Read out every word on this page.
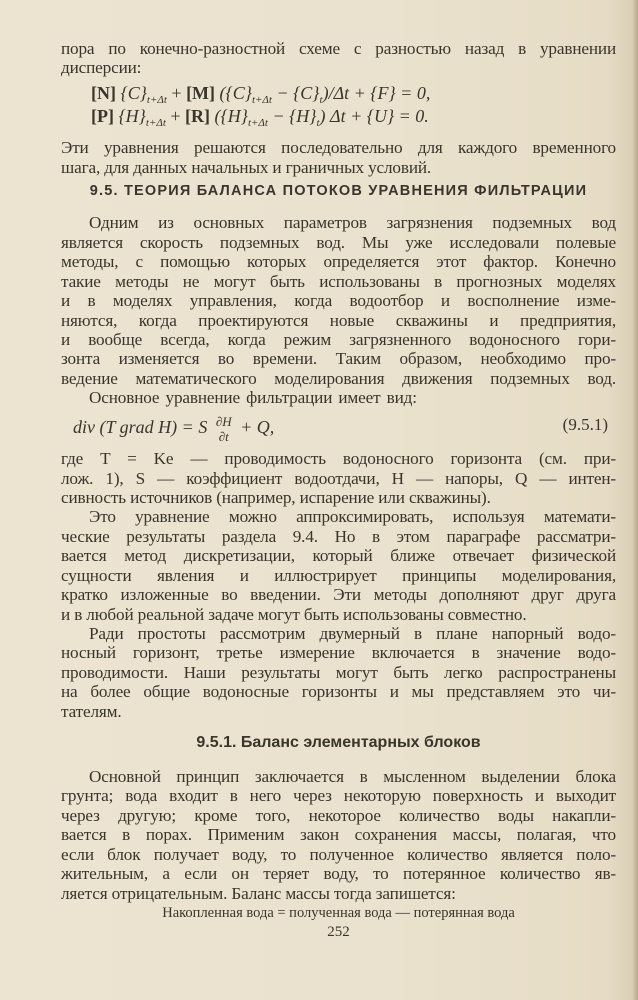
пора по конечно-разностной схеме с разностью назад в уравнении
дисперсии:
[N] $\{C\}_{t+\Delta t} + [M] (\{C\}_{t+\Delta t} - \{C\}_t)/\Delta t + \{F\} = 0$,
[P] $\{H\}_{t+\Delta t} + [R] (\{H\}_{t+\Delta t} - \{H\}_t) \Delta t + \{U\} = 0$.
Эти уравнения решаются последовательно для каждого временного
шага, для данных начальных и граничных условий.
9.5. ТЕОРИЯ БАЛАНСА ПОТОКОВ УРАВНЕНИЯ ФИЛЬТРАЦИИ
Одним из основных параметров загрязнения подземных вод
является скорость подземных вод. Мы уже исследовали полевые
методы, с помощью которых определяется этот фактор. Конечно
такие методы не могут быть использованы в прогнозных моделях
и в моделях управления, когда водоотбор и восполнение изме-
няются, когда проектируются новые скважины и предприятия,
и вообще всегда, когда режим загрязненного водоносного гори-
зонта изменяется во времени. Таким образом, необходимо про-
ведение математического моделирования движения подземных вод.
Основное уравнение фильтрации имеет вид:
div (T grad H) = S ∂H
∂t + Q,	(9.5.1)
где T = Ke — проводимость водоносного горизонта (см. при-
лож. 1), S — коэффициент водоотдачи, H — напоры, Q — интен-
сивность источников (например, испарение или скважины).
Это уравнение можно аппроксимировать, используя математи-
ческие результаты раздела 9.4. Но в этом параграфе рассматри-
вается метод дискретизации, который ближе отвечает физической
сущности явления и иллюстрирует принципы моделирования,
кратко изложенные во введении. Эти методы дополняют друг друга
и в любой реальной задаче могут быть использованы совместно.
Ради простоты рассмотрим двумерный в плане напорный водо-
носный горизонт, третье измерение включается в значение водо-
проводимости. Наши результаты могут быть легко распространены
на более общие водоносные горизонты и мы представляем это чи-
тателям.
9.5.1. Баланс элементарных блоков
Основной принцип заключается в мысленном выделении блока
грунта; вода входит в него через некоторую поверхность и выходит
через другую; кроме того, некоторое количество воды накапли-
вается в порах. Применим закон сохранения массы, полагая, что
если блок получает воду, то полученное количество является поло-
жительным, а если он теряет воду, то потерянное количество яв-
ляется отрицательным. Баланс массы тогда запишется:
Накопленная вода = полученная вода — потерянная вода
252
